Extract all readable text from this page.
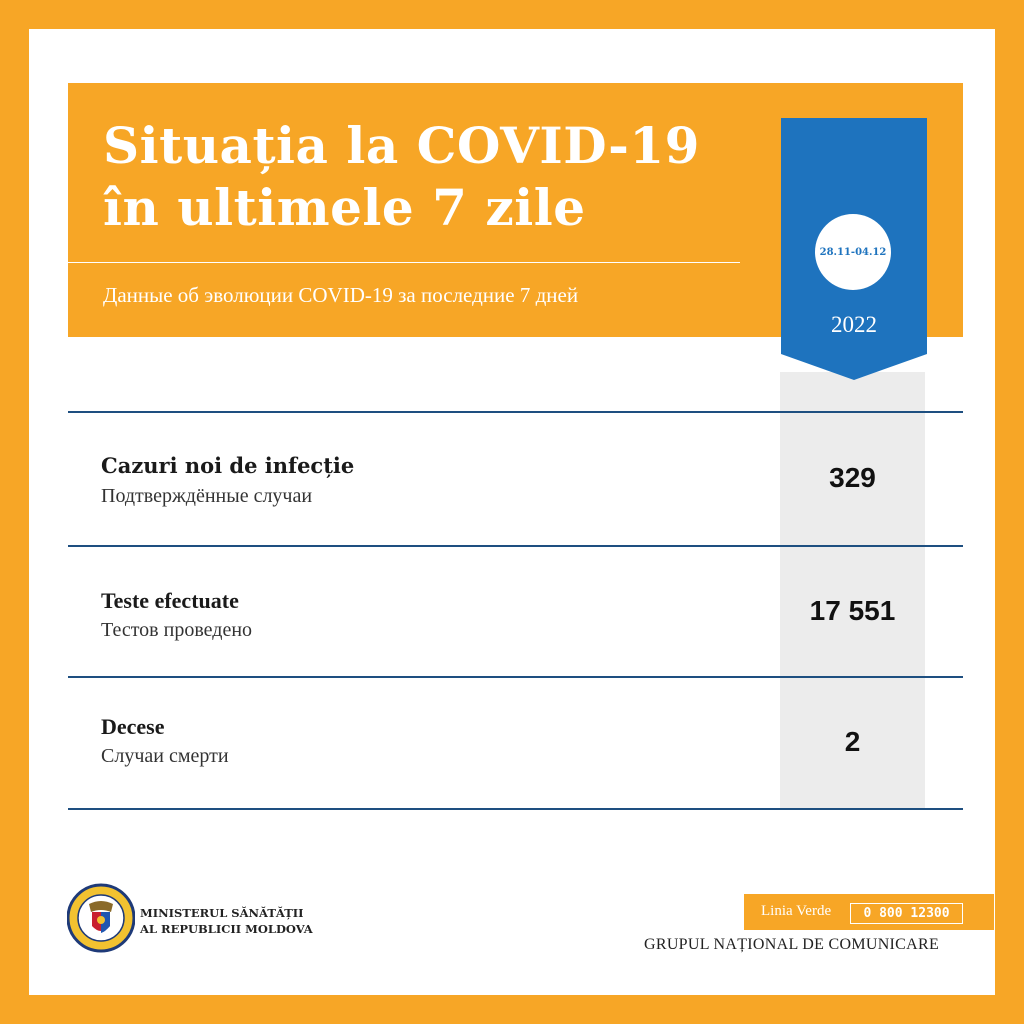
Situația la COVID-19
în ultimele 7 zile
Данные об эволюции COVID-19 за последние 7 дней
28.11-04.12
2022
Cazuri noi de infecție
Подтверждённые случаи
329
Teste efectuate
Тестов проведено
17 551
Decese
Случаи смерти	2
MINISTERUL SĂNĂTĂȚII
AL REPUBLICII MOLDOVA
Linia Verde	0 800 12300
GRUPUL NAȚIONAL DE COMUNICARE
